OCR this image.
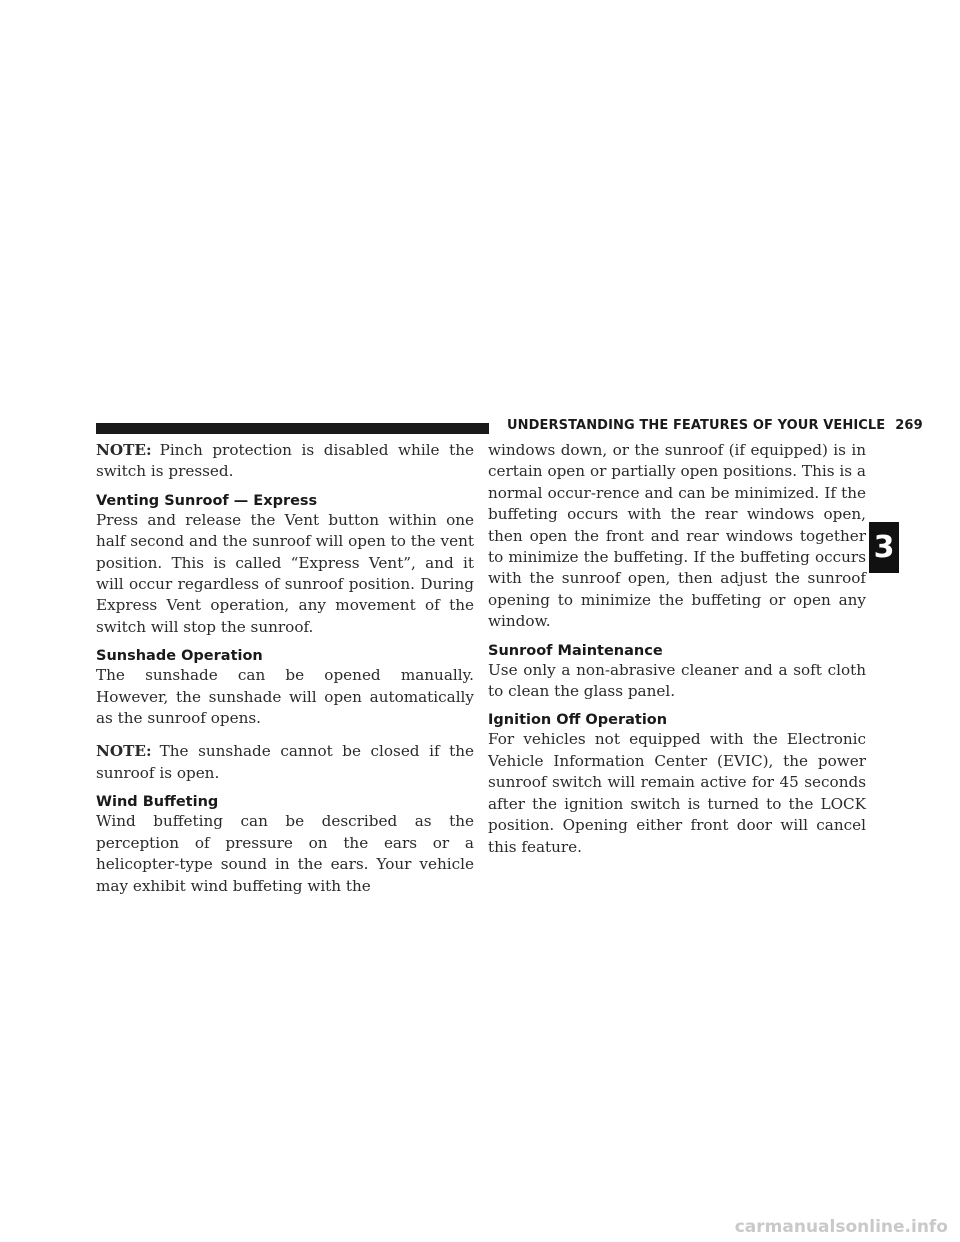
UNDERSTANDING THE FEATURES OF YOUR VEHICLE 269

NOTE: Pinch protection is disabled while the switch is pressed.

Venting Sunroof — Express

Press and release the Vent button within one half second and the sunroof will open to the vent position. This is called “Express Vent”, and it will occur regardless of sunroof position. During Express Vent operation, any movement of the switch will stop the sunroof.

Sunshade Operation

The sunshade can be opened manually. However, the sunshade will open automatically as the sunroof opens.

NOTE: The sunshade cannot be closed if the sunroof is open.

Wind Buffeting

Wind buffeting can be described as the perception of pressure on the ears or a helicopter-type sound in the ears. Your vehicle may exhibit wind buffeting with the

windows down, or the sunroof (if equipped) is in certain open or partially open positions. This is a normal occur-rence and can be minimized. If the buffeting occurs with the rear windows open, then open the front and rear windows together to minimize the buffeting. If the buffeting occurs with the sunroof open, then adjust the sunroof opening to minimize the buffeting or open any window.

Sunroof Maintenance

Use only a non-abrasive cleaner and a soft cloth to clean the glass panel.

Ignition Off Operation

For vehicles not equipped with the Electronic Vehicle Information Center (EVIC), the power sunroof switch will remain active for 45 seconds after the ignition switch is turned to the LOCK position. Opening either front door will cancel this feature.

3
carmanualsonline.info
